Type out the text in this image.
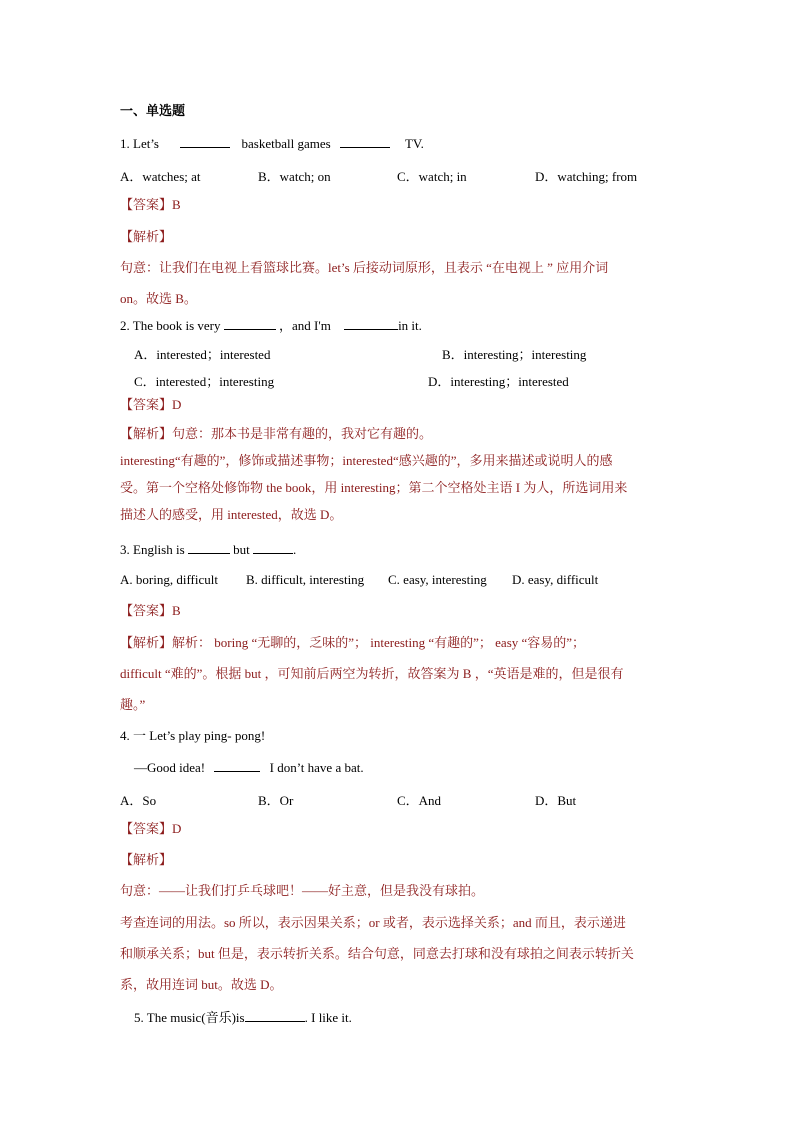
一、单选题
1. Let’s	basketball games	TV.
A．watches; at	B．watch; on	C．watch; in	D．watching; from
【答案】B
【解析】
句意：让我们在电视上看篮球比赛。let’s 后接动词原形，且表示 “在电视上 ” 应用介词
on。故选 B。
2. The book is very	，and I'm	in it.
A．interested；interested	B．interesting；interesting
C．interested；interesting	D．interesting；interested
【答案】D
【解析】句意：那本书是非常有趣的，我对它有趣的。
interesting“有趣的”，修饰或描述事物；interested“感兴趣的”，多用来描述或说明人的感
受。第一个空格处修饰物 the book，用 interesting；第二个空格处主语 I 为人，所选词用来
描述人的感受，用 interested，故选 D。
3. English is	but	.
A. boring, difficult B. difficult, interesting C. easy, interesting D. easy, difficult
【答案】B
【解析】解析： boring “无聊的，乏味的”； interesting “有趣的”； easy “容易的”；
difficult “难的”。根据 but ，可知前后两空为转折，故答案为 B ，“英语是难的，但是很有
趣。”
4. 一 Let’s play ping- pong!
—Good idea!	I don’t have a bat.
A．So	B．Or	C．And	D．But
【答案】D
【解析】
句意：——让我们打乒乓球吧！——好主意，但是我没有球拍。
考查连词的用法。so 所以，表示因果关系；or 或者，表示选择关系；and 而且，表示递进
和顺承关系；but 但是，表示转折关系。结合句意，同意去打球和没有球拍之间表示转折关
系，故用连词 but。故选 D。
5. The music(音乐)is	. I like it.
